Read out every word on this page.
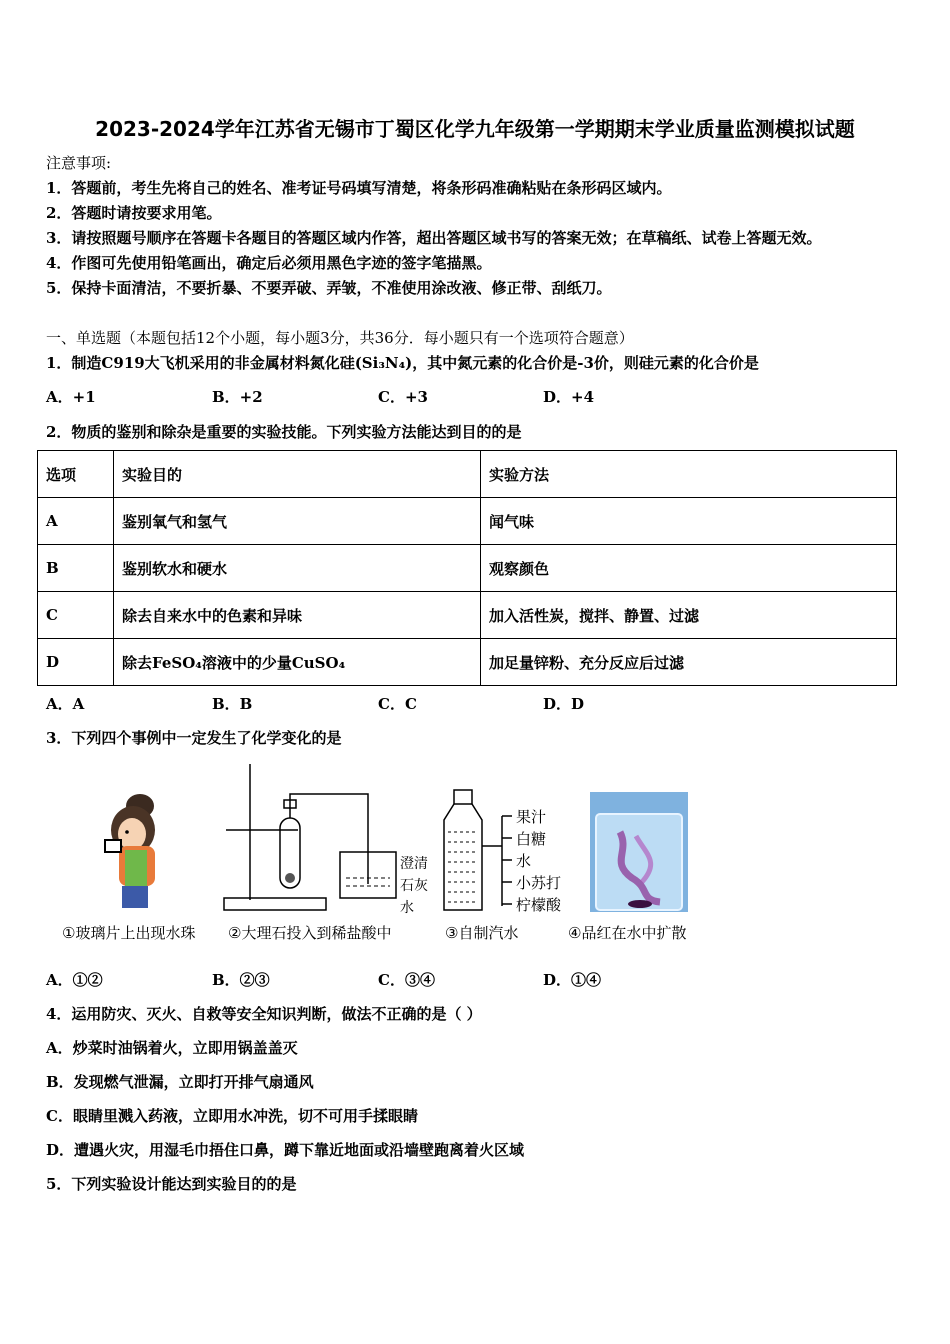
2023-2024学年江苏省无锡市丁蜀区化学九年级第一学期期末学业质量监测模拟试题
注意事项:
1．答题前，考生先将自己的姓名、准考证号码填写清楚，将条形码准确粘贴在条形码区域内。
2．答题时请按要求用笔。
3．请按照题号顺序在答题卡各题目的答题区域内作答，超出答题区域书写的答案无效；在草稿纸、试卷上答题无效。
4．作图可先使用铅笔画出，确定后必须用黑色字迹的签字笔描黑。
5．保持卡面清洁，不要折暴、不要弄破、弄皱，不准使用涂改液、修正带、刮纸刀。
一、单选题（本题包括12个小题，每小题3分，共36分．每小题只有一个选项符合题意）
1．制造C919大飞机采用的非金属材料氮化硅(Si₃N₄)，其中氮元素的化合价是-3价，则硅元素的化合价是
A．+1	B．+2	C．+3	D．+4
2．物质的鉴别和除杂是重要的实验技能。下列实验方法能达到目的的是
选项	实验目的	实验方法
A	鉴别氧气和氢气	闻气味
B	鉴别软水和硬水	观察颜色
C	除去自来水中的色素和异味	加入活性炭，搅拌、静置、过滤
D	除去FeSO₄溶液中的少量CuSO₄	加足量锌粉、充分反应后过滤
A．A	B．B	C．C	D．D
3．下列四个事例中一定发生了化学变化的是
澄清
石灰
水
果汁
白糖
水
小苏打
柠檬酸
①玻璃片上出现水珠 ②大理石投入到稀盐酸中	③自制汽水	④品红在水中扩散
A．①②	B．②③	C．③④	D．①④
4．运用防灾、灭火、自救等安全知识判断，做法不正确的是（ ）
A．炒菜时油锅着火，立即用锅盖盖灭
B．发现燃气泄漏，立即打开排气扇通风
C．眼睛里溅入药液，立即用水冲洗，切不可用手揉眼睛
D．遭遇火灾，用湿毛巾捂住口鼻，蹲下靠近地面或沿墙壁跑离着火区域
5．下列实验设计能达到实验目的的是
